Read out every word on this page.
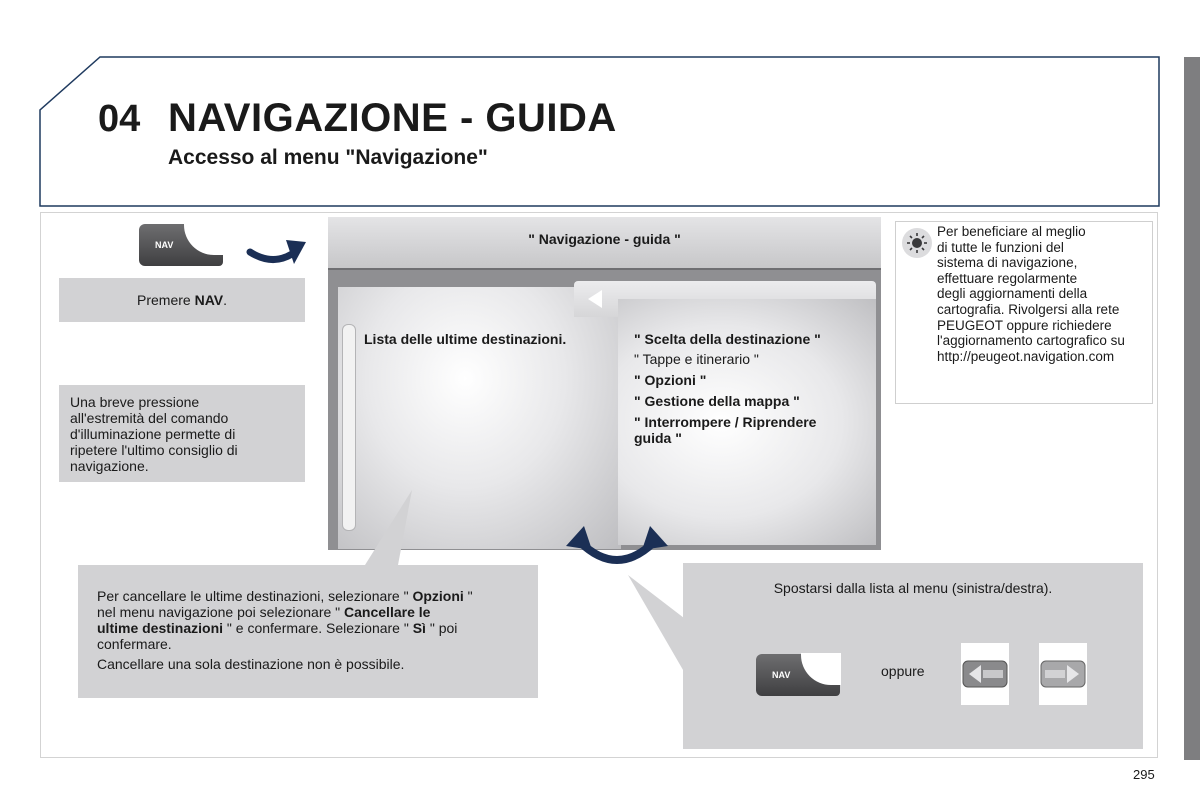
04 NAVIGAZIONE - GUIDA
Accesso al menu "Navigazione"
NAV
Premere NAV.
Una breve pressione
all'estremità del comando
d'illuminazione permette di
ripetere l'ultimo consiglio di
navigazione.
" Navigazione - guida "
Lista delle ultime destinazioni.	" Scelta della destinazione "
" Tappe e itinerario "
" Opzioni "
" Gestione della mappa "
" Interrompere / Riprendere
guida "
Per beneficiare al meglio
di tutte le funzioni del
sistema di navigazione,
effettuare regolarmente
degli aggiornamenti della
cartografia. Rivolgersi alla rete
PEUGEOT oppure richiedere
l'aggiornamento cartografico su
http://peugeot.navigation.com
Per cancellare le ultime destinazioni, selezionare " Opzioni "
nel menu navigazione poi selezionare " Cancellare le
ultime destinazioni " e confermare. Selezionare " Sì " poi
confermare.
Cancellare una sola destinazione non è possibile.
Spostarsi dalla lista al menu (sinistra/destra).
oppure
NAV
295
